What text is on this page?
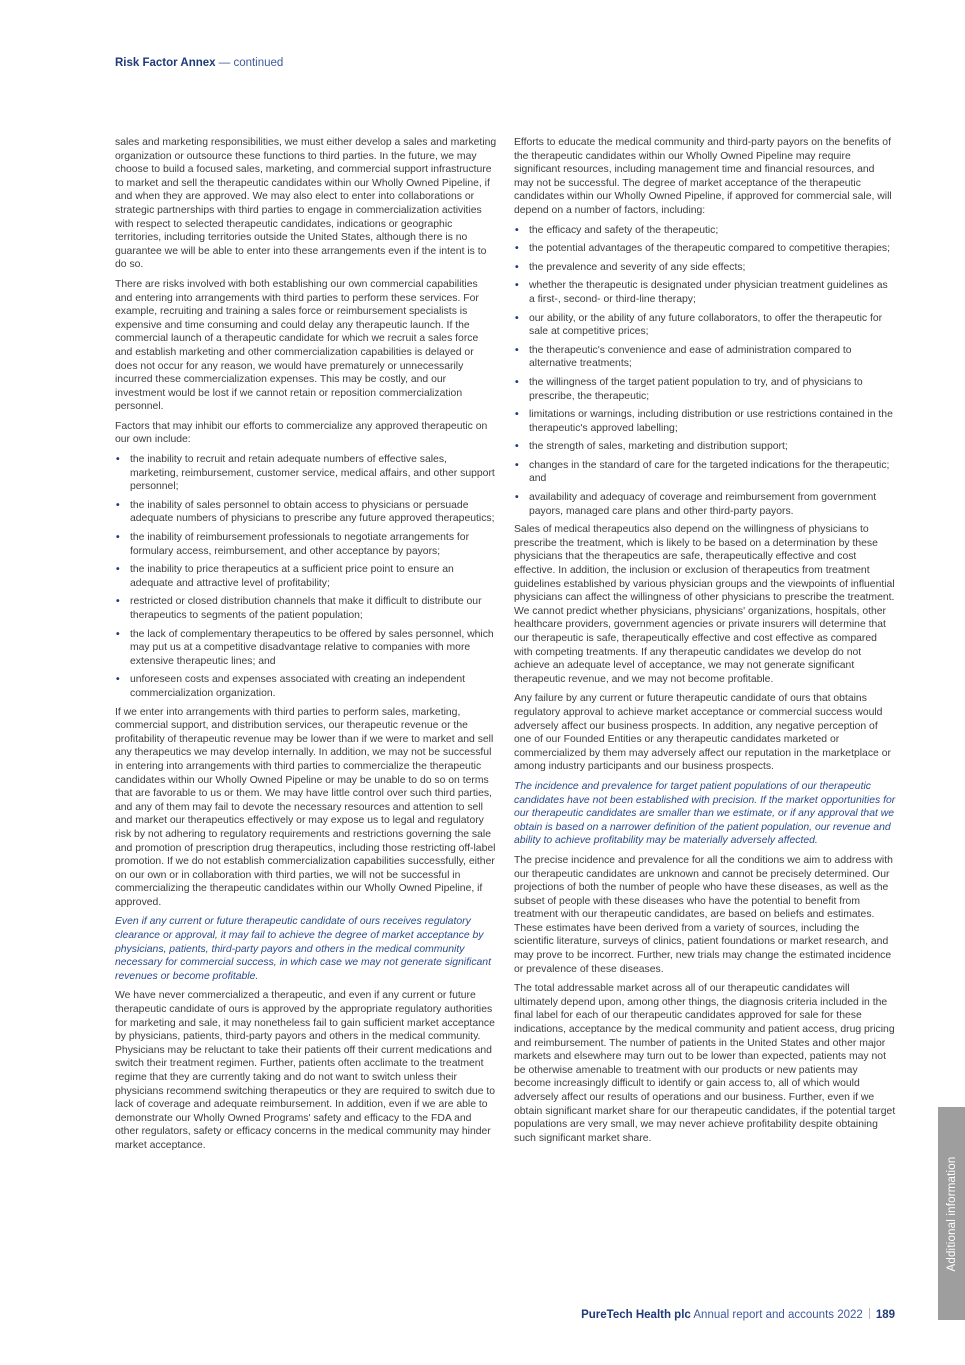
Risk Factor Annex — continued

sales and marketing responsibilities, we must either develop a sales and marketing organization or outsource these functions to third parties. In the future, we may choose to build a focused sales, marketing, and commercial support infrastructure to market and sell the therapeutic candidates within our Wholly Owned Pipeline, if and when they are approved. We may also elect to enter into collaborations or strategic partnerships with third parties to engage in commercialization activities with respect to selected therapeutic candidates, indications or geographic territories, including territories outside the United States, although there is no guarantee we will be able to enter into these arrangements even if the intent is to do so.

There are risks involved with both establishing our own commercial capabilities and entering into arrangements with third parties to perform these services. For example, recruiting and training a sales force or reimbursement specialists is expensive and time consuming and could delay any therapeutic launch. If the commercial launch of a therapeutic candidate for which we recruit a sales force and establish marketing and other commercialization capabilities is delayed or does not occur for any reason, we would have prematurely or unnecessarily incurred these commercialization expenses. This may be costly, and our investment would be lost if we cannot retain or reposition commercialization personnel.

Factors that may inhibit our efforts to commercialize any approved therapeutic on our own include:

• the inability to recruit and retain adequate numbers of effective sales, marketing, reimbursement, customer service, medical affairs, and other support personnel;
• the inability of sales personnel to obtain access to physicians or persuade adequate numbers of physicians to prescribe any future approved therapeutics;
• the inability of reimbursement professionals to negotiate arrangements for formulary access, reimbursement, and other acceptance by payors;
• the inability to price therapeutics at a sufficient price point to ensure an adequate and attractive level of profitability;
• restricted or closed distribution channels that make it difficult to distribute our therapeutics to segments of the patient population;
• the lack of complementary therapeutics to be offered by sales personnel, which may put us at a competitive disadvantage relative to companies with more extensive therapeutic lines; and
• unforeseen costs and expenses associated with creating an independent commercialization organization.

If we enter into arrangements with third parties to perform sales, marketing, commercial support, and distribution services, our therapeutic revenue or the profitability of therapeutic revenue may be lower than if we were to market and sell any therapeutics we may develop internally. In addition, we may not be successful in entering into arrangements with third parties to commercialize the therapeutic candidates within our Wholly Owned Pipeline or may be unable to do so on terms that are favorable to us or them. We may have little control over such third parties, and any of them may fail to devote the necessary resources and attention to sell and market our therapeutics effectively or may expose us to legal and regulatory risk by not adhering to regulatory requirements and restrictions governing the sale and promotion of prescription drug therapeutics, including those restricting off-label promotion. If we do not establish commercialization capabilities successfully, either on our own or in collaboration with third parties, we will not be successful in commercializing the therapeutic candidates within our Wholly Owned Pipeline, if approved.

Even if any current or future therapeutic candidate of ours receives regulatory clearance or approval, it may fail to achieve the degree of market acceptance by physicians, patients, third-party payors and others in the medical community necessary for commercial success, in which case we may not generate significant revenues or become profitable.

We have never commercialized a therapeutic, and even if any current or future therapeutic candidate of ours is approved by the appropriate regulatory authorities for marketing and sale, it may nonetheless fail to gain sufficient market acceptance by physicians, patients, third-party payors and others in the medical community. Physicians may be reluctant to take their patients off their current medications and switch their treatment regimen. Further, patients often acclimate to the treatment regime that they are currently taking and do not want to switch unless their physicians recommend switching therapeutics or they are required to switch due to lack of coverage and adequate reimbursement. In addition, even if we are able to demonstrate our Wholly Owned Programs' safety and efficacy to the FDA and other regulators, safety or efficacy concerns in the medical community may hinder market acceptance.

Efforts to educate the medical community and third-party payors on the benefits of the therapeutic candidates within our Wholly Owned Pipeline may require significant resources, including management time and financial resources, and may not be successful. The degree of market acceptance of the therapeutic candidates within our Wholly Owned Pipeline, if approved for commercial sale, will depend on a number of factors, including:

• the efficacy and safety of the therapeutic;
• the potential advantages of the therapeutic compared to competitive therapies;
• the prevalence and severity of any side effects;
• whether the therapeutic is designated under physician treatment guidelines as a first-, second- or third-line therapy;
• our ability, or the ability of any future collaborators, to offer the therapeutic for sale at competitive prices;
• the therapeutic's convenience and ease of administration compared to alternative treatments;
• the willingness of the target patient population to try, and of physicians to prescribe, the therapeutic;
• limitations or warnings, including distribution or use restrictions contained in the therapeutic's approved labelling;
• the strength of sales, marketing and distribution support;
• changes in the standard of care for the targeted indications for the therapeutic; and
• availability and adequacy of coverage and reimbursement from government payors, managed care plans and other third-party payors.

Sales of medical therapeutics also depend on the willingness of physicians to prescribe the treatment, which is likely to be based on a determination by these physicians that the therapeutics are safe, therapeutically effective and cost effective. In addition, the inclusion or exclusion of therapeutics from treatment guidelines established by various physician groups and the viewpoints of influential physicians can affect the willingness of other physicians to prescribe the treatment. We cannot predict whether physicians, physicians' organizations, hospitals, other healthcare providers, government agencies or private insurers will determine that our therapeutic is safe, therapeutically effective and cost effective as compared with competing treatments. If any therapeutic candidates we develop do not achieve an adequate level of acceptance, we may not generate significant therapeutic revenue, and we may not become profitable.

Any failure by any current or future therapeutic candidate of ours that obtains regulatory approval to achieve market acceptance or commercial success would adversely affect our business prospects. In addition, any negative perception of one of our Founded Entities or any therapeutic candidates marketed or commercialized by them may adversely affect our reputation in the marketplace or among industry participants and our business prospects.

The incidence and prevalence for target patient populations of our therapeutic candidates have not been established with precision. If the market opportunities for our therapeutic candidates are smaller than we estimate, or if any approval that we obtain is based on a narrower definition of the patient population, our revenue and ability to achieve profitability may be materially adversely affected.

The precise incidence and prevalence for all the conditions we aim to address with our therapeutic candidates are unknown and cannot be precisely determined. Our projections of both the number of people who have these diseases, as well as the subset of people with these diseases who have the potential to benefit from treatment with our therapeutic candidates, are based on beliefs and estimates. These estimates have been derived from a variety of sources, including the scientific literature, surveys of clinics, patient foundations or market research, and may prove to be incorrect. Further, new trials may change the estimated incidence or prevalence of these diseases.

The total addressable market across all of our therapeutic candidates will ultimately depend upon, among other things, the diagnosis criteria included in the final label for each of our therapeutic candidates approved for sale for these indications, acceptance by the medical community and patient access, drug pricing and reimbursement. The number of patients in the United States and other major markets and elsewhere may turn out to be lower than expected, patients may not be otherwise amenable to treatment with our products or new patients may become increasingly difficult to identify or gain access to, all of which would adversely affect our results of operations and our business. Further, even if we obtain significant market share for our therapeutic candidates, if the potential target populations are very small, we may never achieve profitability despite obtaining such significant market share.

Additional information
PureTech Health plc Annual report and accounts 2022 189
